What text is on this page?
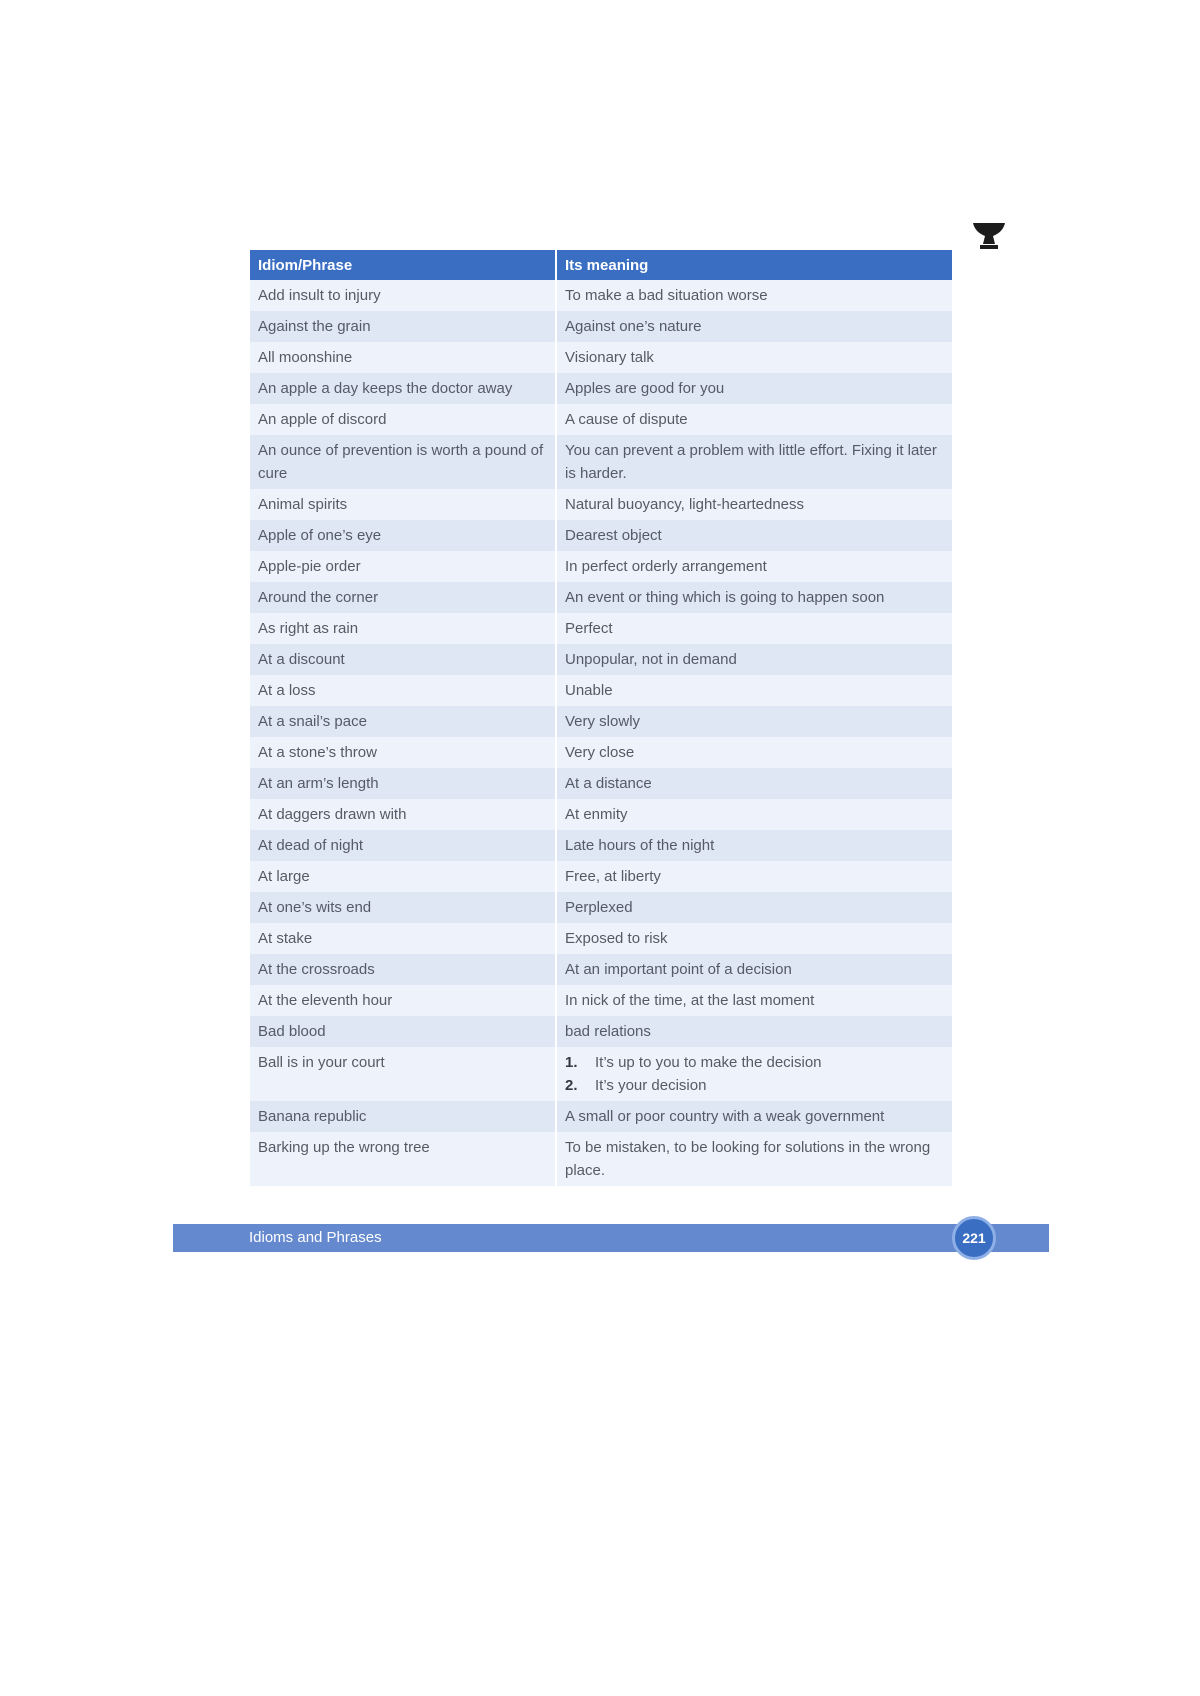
Idiom/Phrase	Its meaning
Add insult to injury	To make a bad situation worse
Against the grain	Against one’s nature
All moonshine	Visionary talk
An apple a day keeps the doctor away	Apples are good for you
An apple of discord	A cause of dispute
An ounce of prevention is worth a pound of cure	You can prevent a problem with little effort. Fixing it later is harder.
Animal spirits	Natural buoyancy, light-heartedness
Apple of one’s eye	Dearest object
Apple-pie order	In perfect orderly arrangement
Around the corner	An event or thing which is going to happen soon
As right as rain	Perfect
At a discount	Unpopular, not in demand
At a loss	Unable
At a snail’s pace	Very slowly
At a stone’s throw	Very close
At an arm’s length	At a distance
At daggers drawn with	At enmity
At dead of night	Late hours of the night
At large	Free, at liberty
At one’s wits end	Perplexed
At stake	Exposed to risk
At the crossroads	At an important point of a decision
At the eleventh hour	In nick of the time, at the last moment
Bad blood	bad relations
Ball is in your court	1. It’s up to you to make the decision
2. It’s your decision

Banana republic	A small or poor country with a weak government
Barking up the wrong tree	To be mistaken, to be looking for solutions in the wrong place.
Idioms and Phrases	221
